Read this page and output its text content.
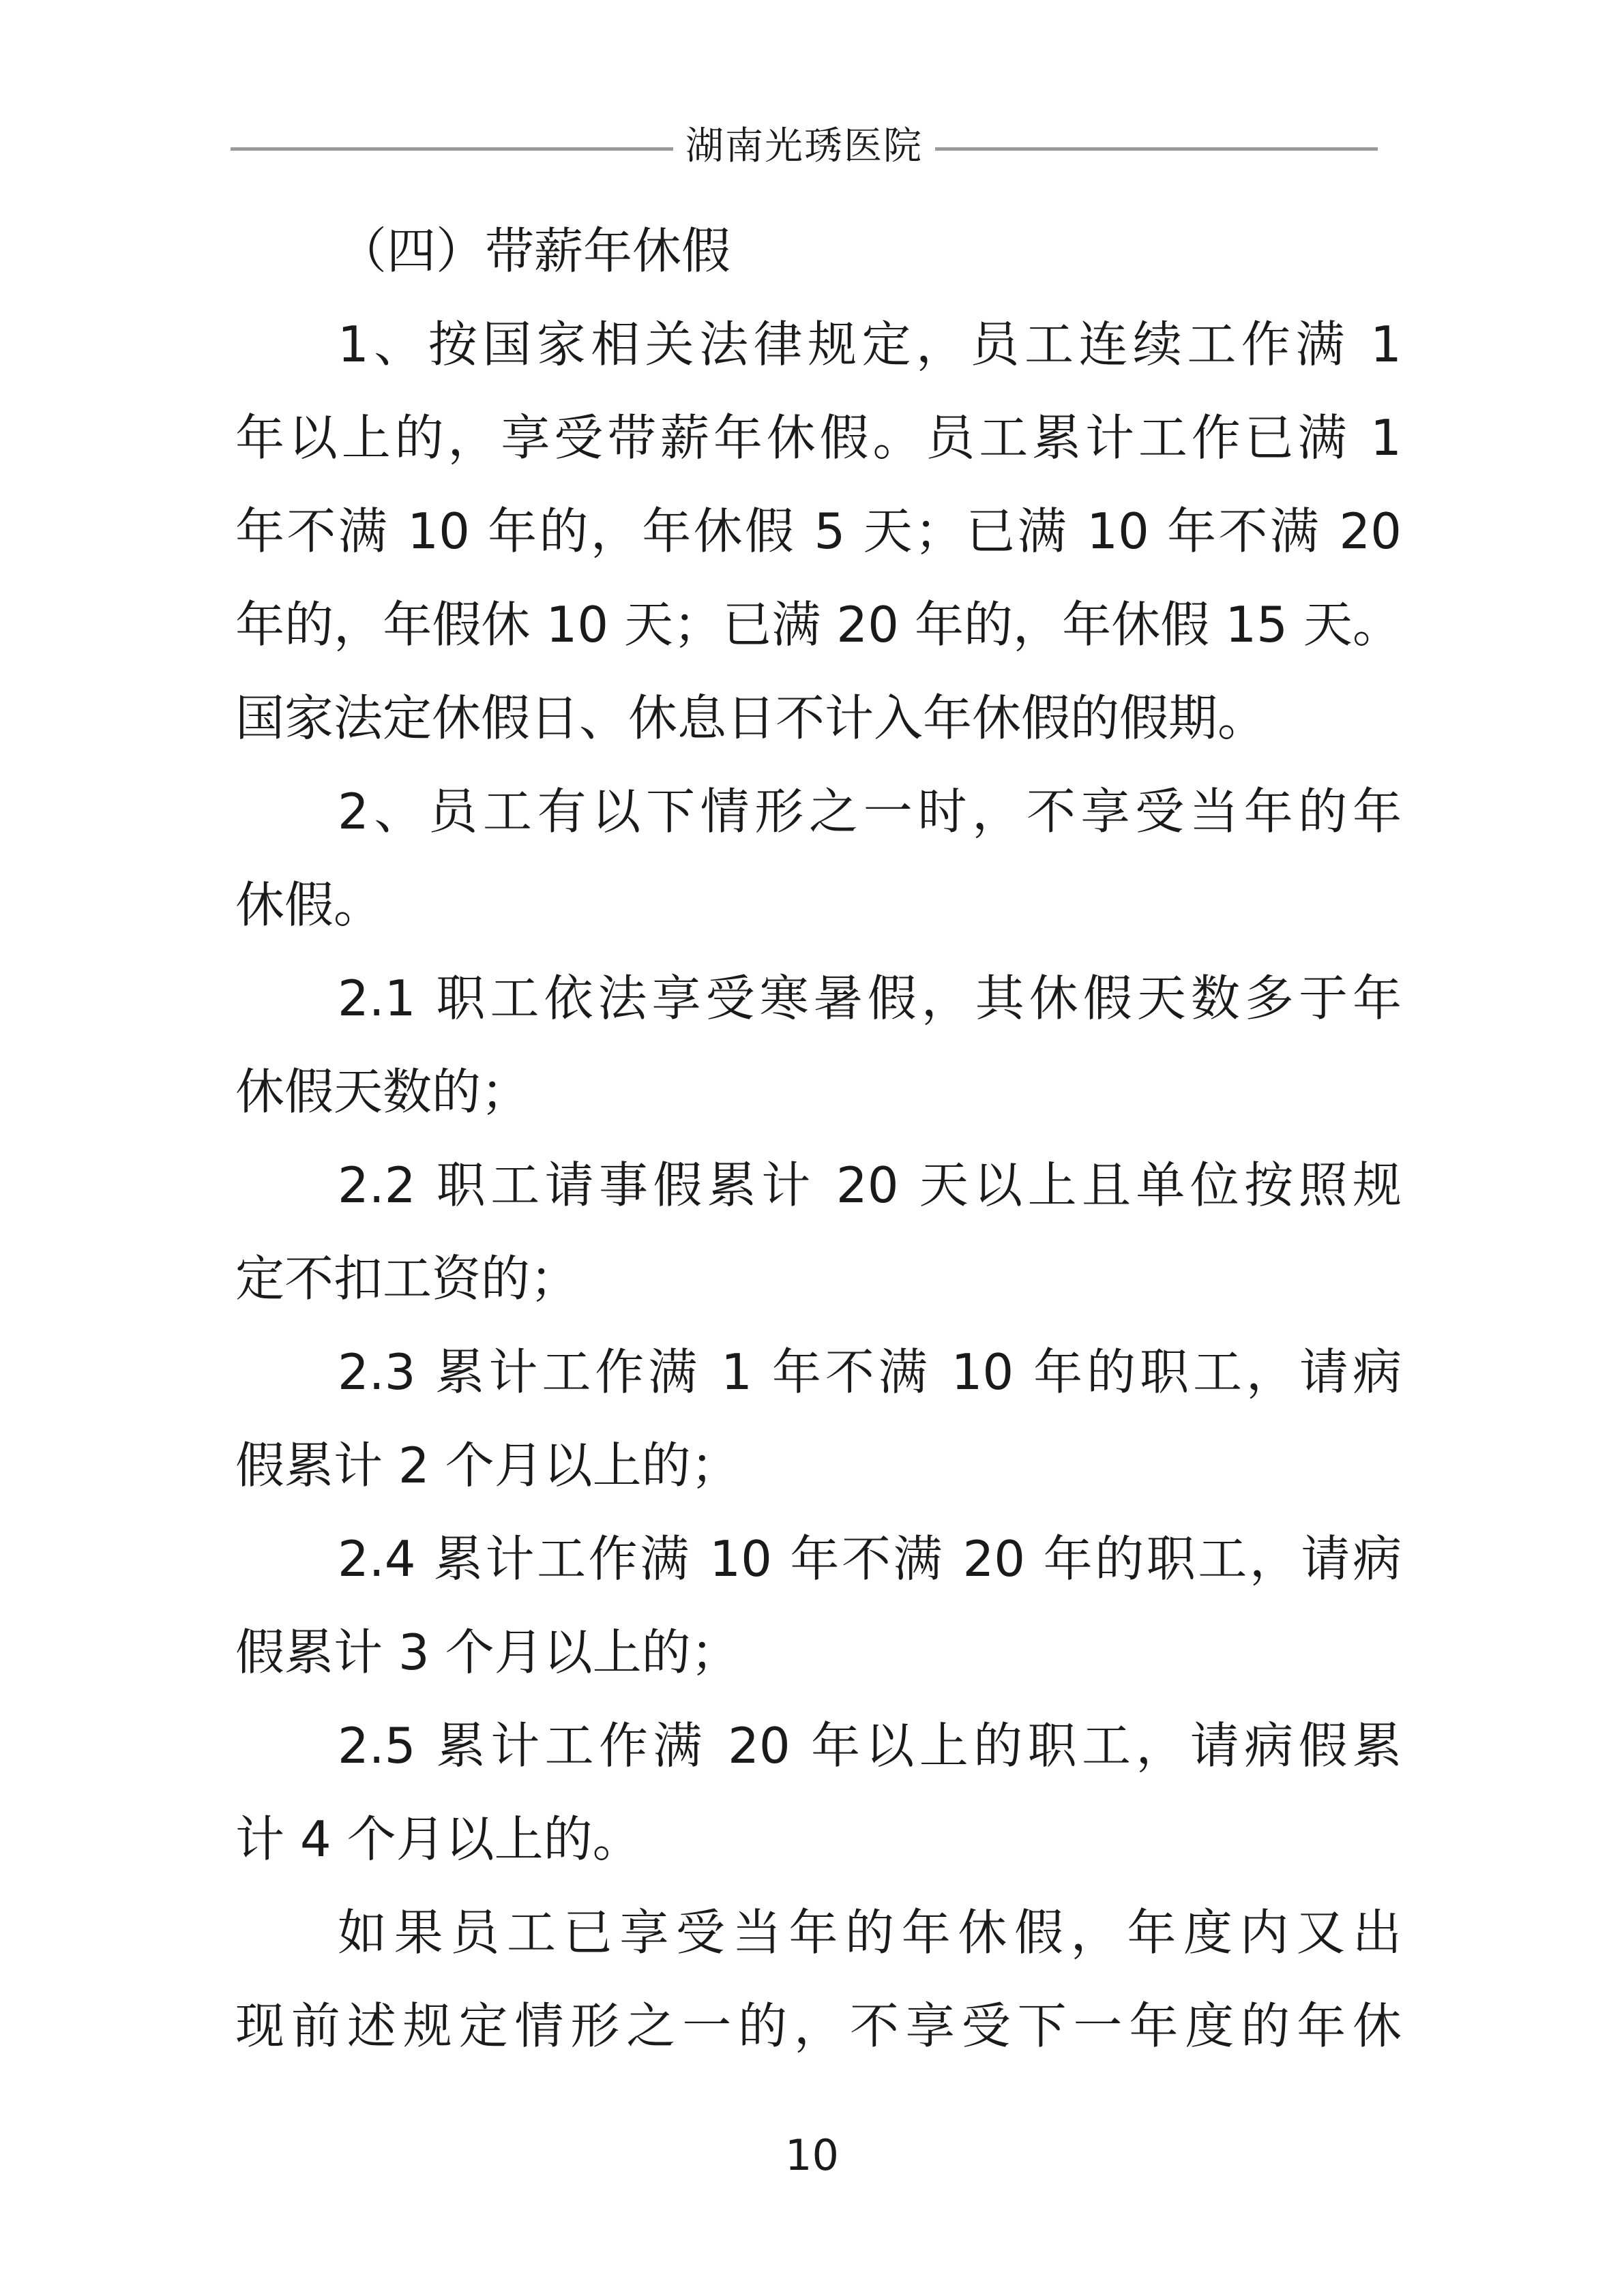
湖南光琇医院
（四）带薪年休假
1、按国家相关法律规定，员工连续工作满 1
年以上的，享受带薪年休假。员工累计工作已满 1
年不满 10 年的，年休假 5 天；已满 10 年不满 20
年的，年假休 10 天；已满 20 年的，年休假 15 天。
国家法定休假日、休息日不计入年休假的假期。
2、员工有以下情形之一时，不享受当年的年
休假。
2.1 职工依法享受寒暑假，其休假天数多于年
休假天数的；
2.2 职工请事假累计 20 天以上且单位按照规
定不扣工资的；
2.3 累计工作满 1 年不满 10 年的职工，请病
假累计 2 个月以上的；
2.4 累计工作满 10 年不满 20 年的职工，请病
假累计 3 个月以上的；
2.5 累计工作满 20 年以上的职工，请病假累
计 4 个月以上的。
如果员工已享受当年的年休假，年度内又出
现前述规定情形之一的，不享受下一年度的年休
10
